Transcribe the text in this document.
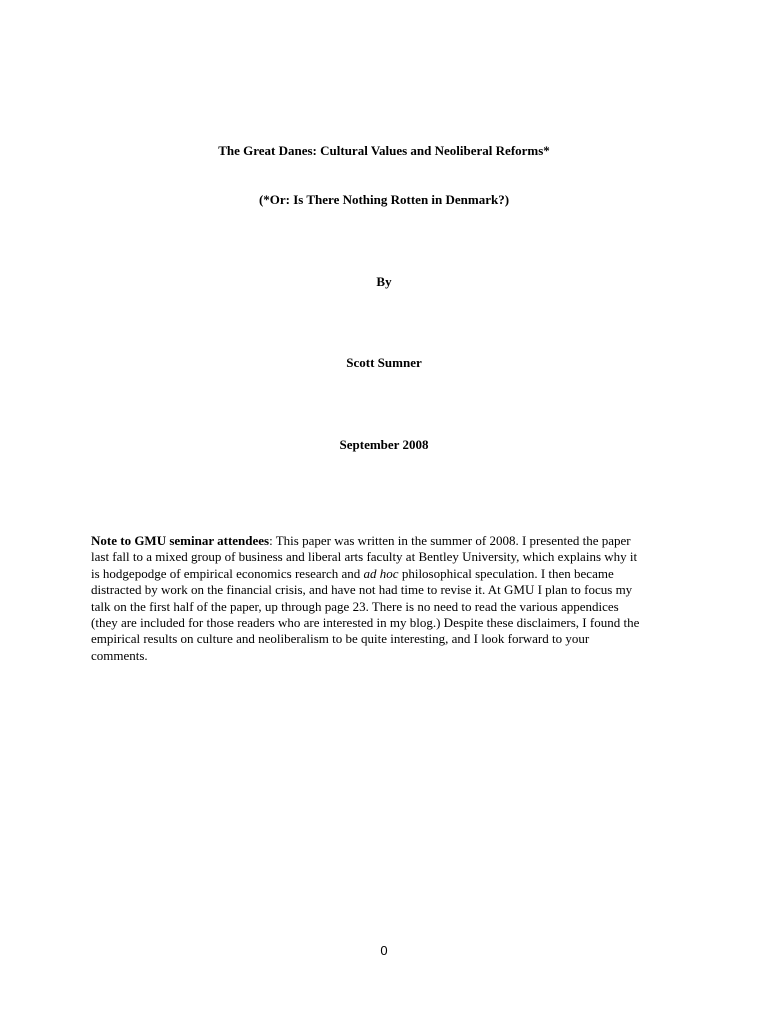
The Great Danes: Cultural Values and Neoliberal Reforms*
(*Or: Is There Nothing Rotten in Denmark?)
By
Scott Sumner
September 2008
Note to GMU seminar attendees: This paper was written in the summer of 2008. I presented the paper
last fall to a mixed group of business and liberal arts faculty at Bentley University, which explains why it
is hodgepodge of empirical economics research and ad hoc philosophical speculation. I then became
distracted by work on the financial crisis, and have not had time to revise it. At GMU I plan to focus my
talk on the first half of the paper, up through page 23. There is no need to read the various appendices
(they are included for those readers who are interested in my blog.) Despite these disclaimers, I found the
empirical results on culture and neoliberalism to be quite interesting, and I look forward to your
comments.
0
